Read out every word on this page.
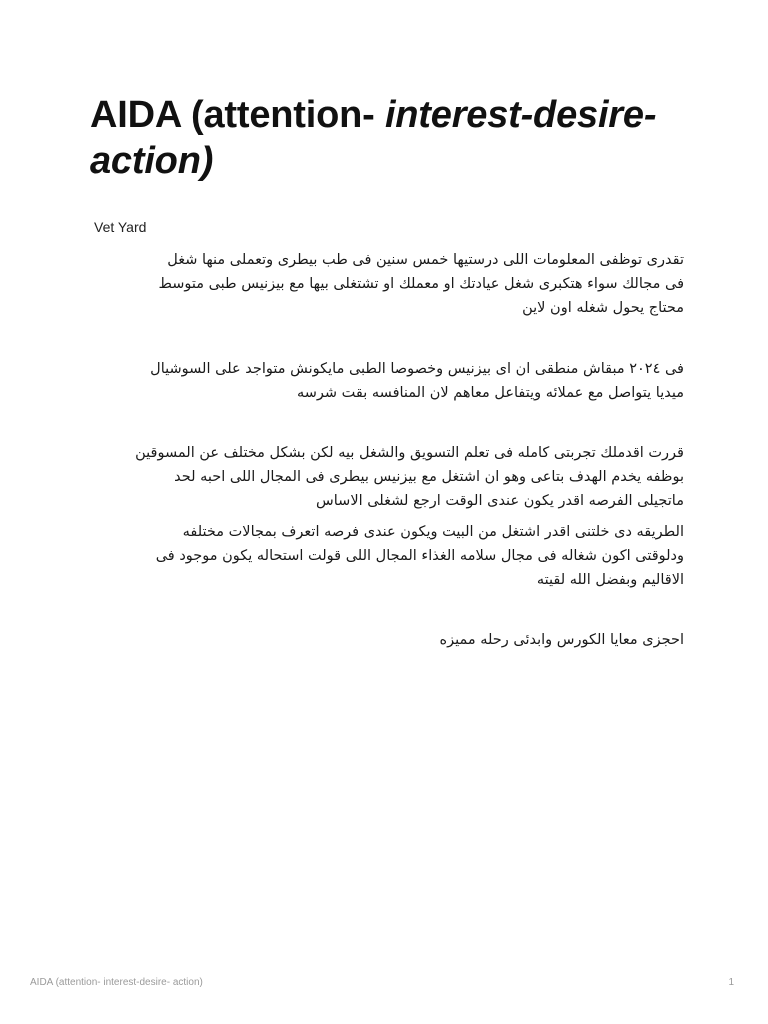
AIDA (attention- interest-desire- action)
Vet Yard

تقدرى توظفى المعلومات اللى درستيها خمس سنين فى طب بيطرى وتعملى منها شغل
فى مجالك سواء هتكبرى شغل عيادتك او معملك او تشتغلى بيها مع بيزنيس طبى متوسط
محتاج يحول شغله اون لاين

فى ٢٠٢٤ مبقاش منطقى ان اى بيزنيس وخصوصا الطبى مايكونش متواجد على السوشيال
ميديا يتواصل مع عملائه ويتفاعل معاهم لان المنافسه بقت شرسه

قررت اقدملك تجربتى كامله فى تعلم التسويق والشغل بيه لكن بشكل مختلف عن المسوقين
بوظفه يخدم الهدف بتاعى وهو ان اشتغل مع بيزنيس بيطرى فى المجال اللى احبه لحد
ماتجيلى الفرصه اقدر يكون عندى الوقت ارجع لشغلى الاساس

الطريقه دى خلتنى اقدر اشتغل من البيت ويكون عندى فرصه اتعرف بمجالات مختلفه
ودلوقتى اكون شغاله فى مجال سلامه الغذاء المجال اللى قولت استحاله يكون موجود فى
الاقاليم وبفضل الله لقيته

احجزى معايا الكورس وابدئى رحله مميزه

AIDA (attention- interest-desire- action)	1
